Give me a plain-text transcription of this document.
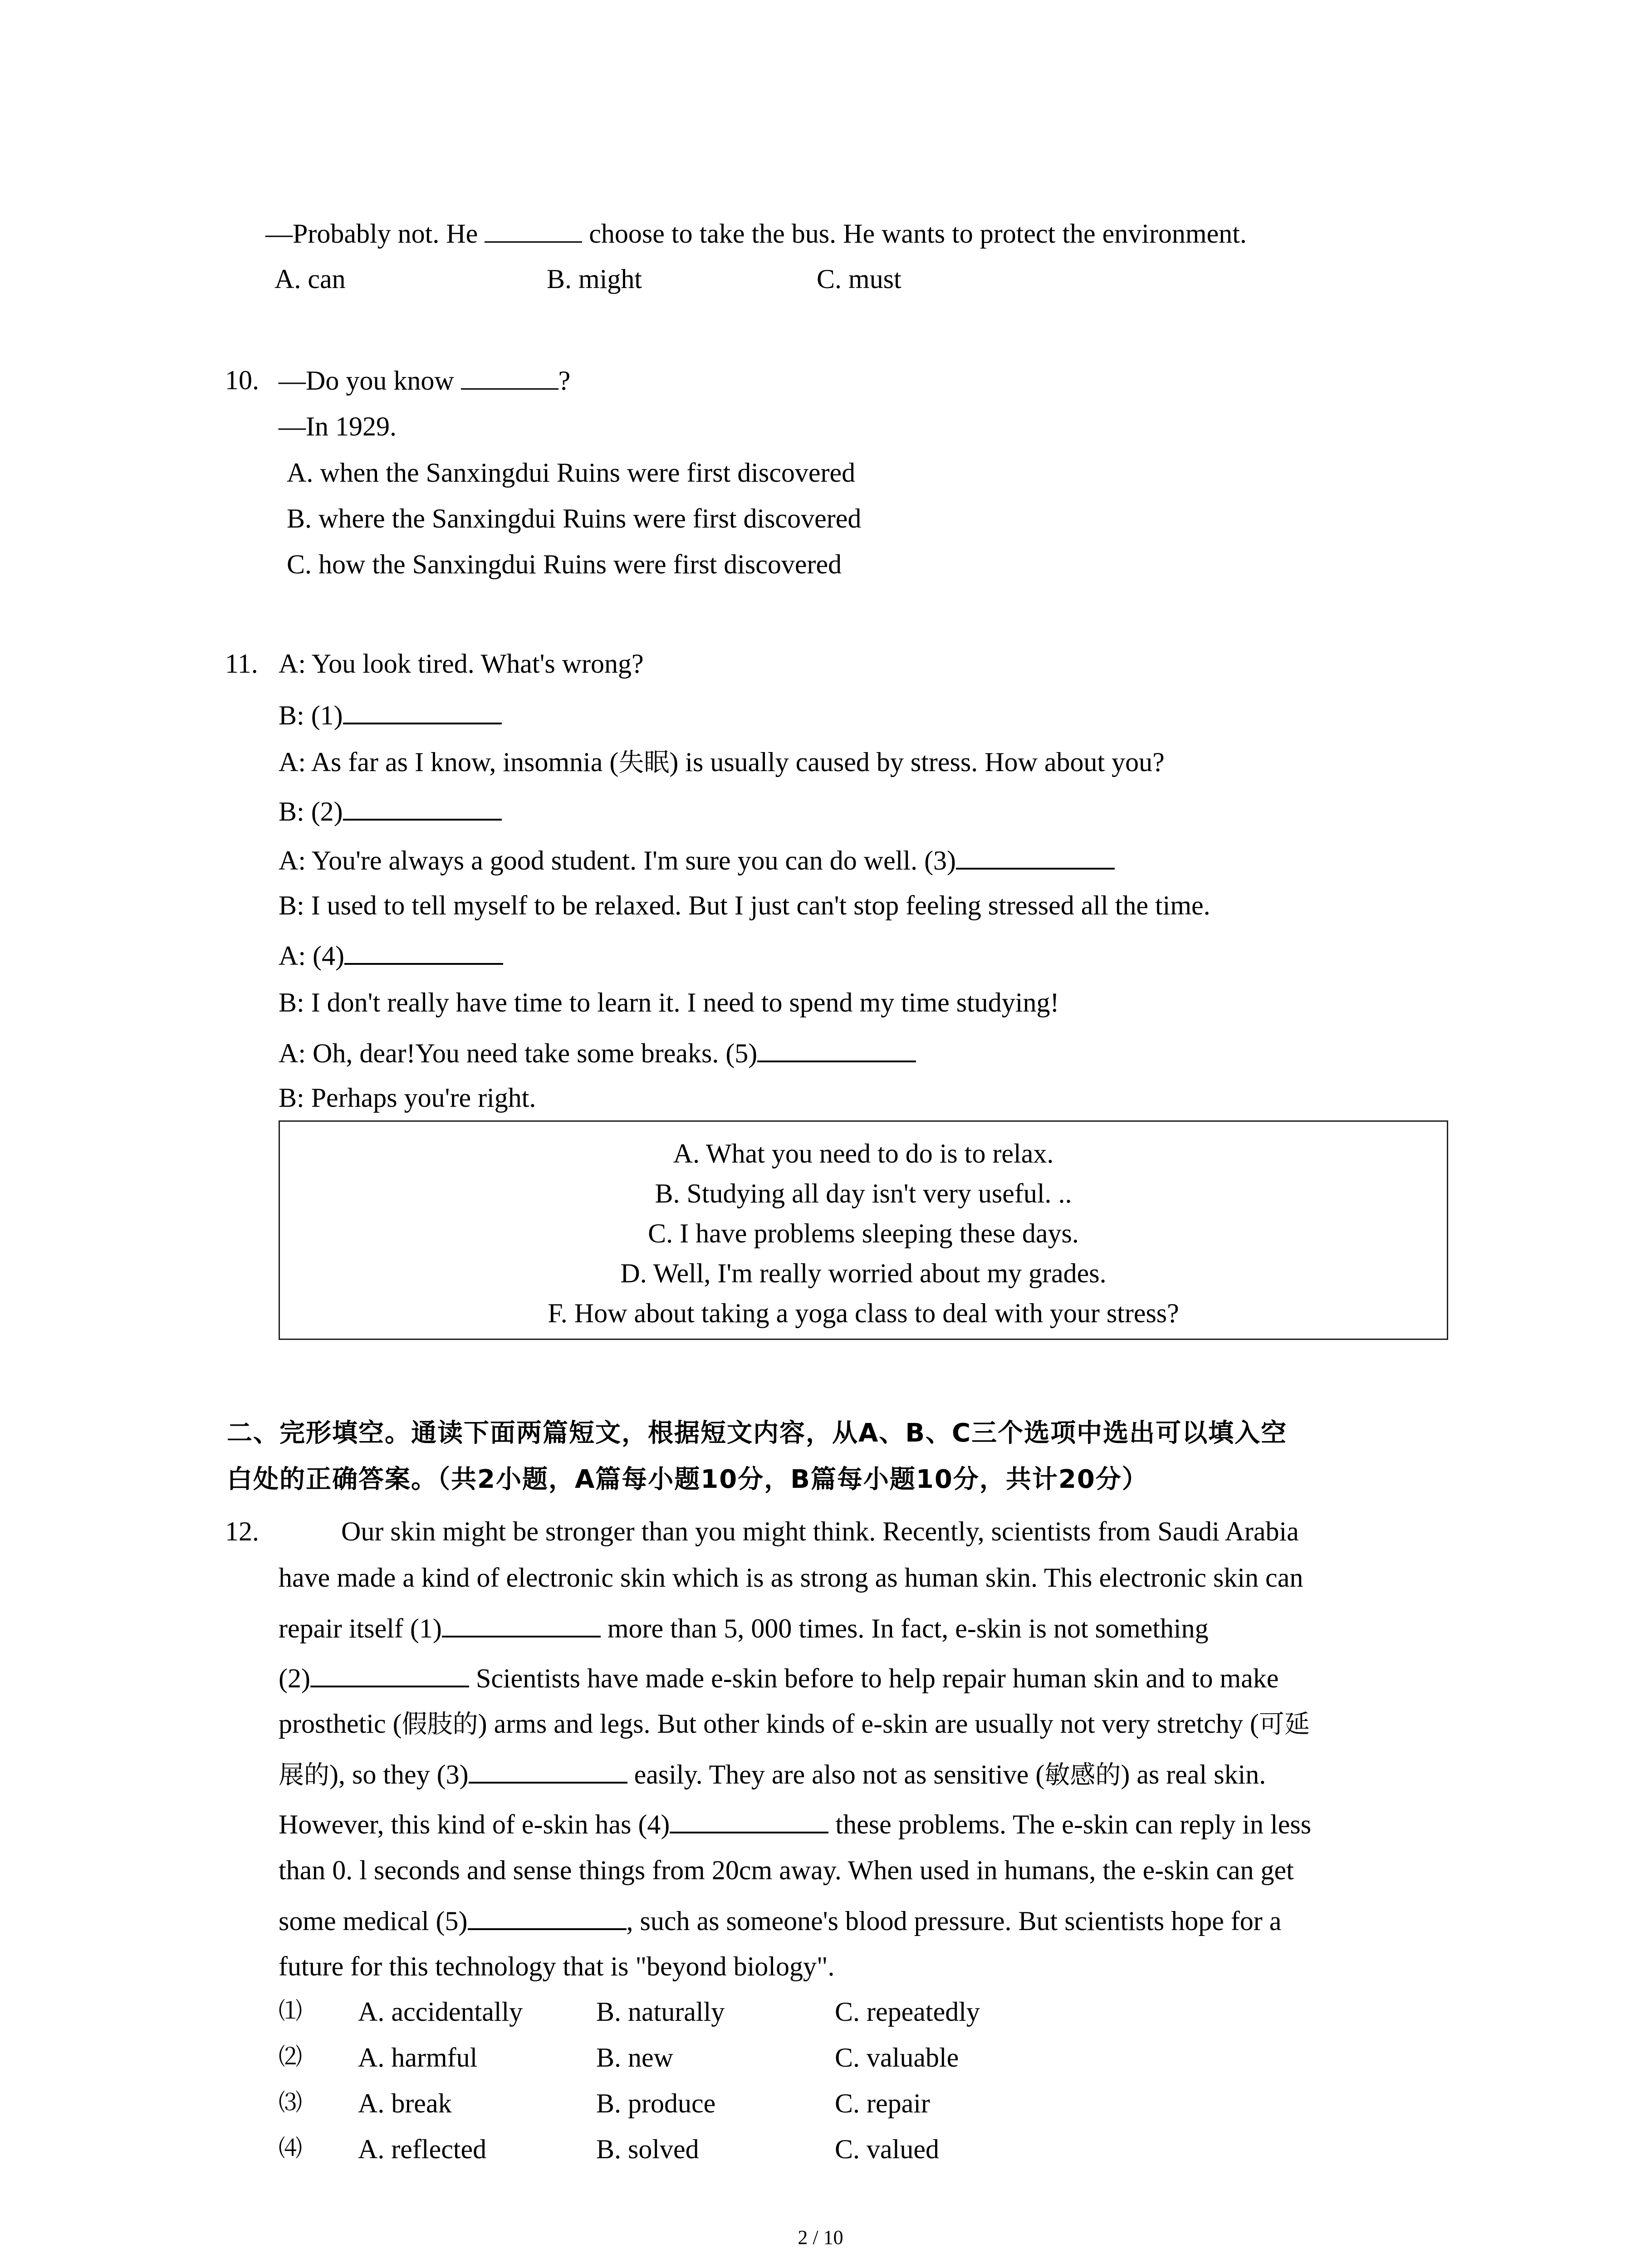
—Probably not. He	choose to take the bus. He wants to protect the environment.
A. can	B. might	C. must
10. —Do you know	?
—In 1929.
A. when the Sanxingdui Ruins were first discovered
B. where the Sanxingdui Ruins were first discovered
C. how the Sanxingdui Ruins were first discovered
11. A: You look tired. What's wrong?
B: (1)
A: As far as I know, insomnia (失眠) is usually caused by stress. How about you?
B: (2)
A: You're always a good student. I'm sure you can do well. (3)
B: I used to tell myself to be relaxed. But I just can't stop feeling stressed all the time.
A: (4)
B: I don't really have time to learn it. I need to spend my time studying!
A: Oh, dear!You need take some breaks. (5)
B: Perhaps you're right.
A. What you need to do is to relax.
B. Studying all day isn't very useful. ..
C. I have problems sleeping these days.
D. Well, I'm really worried about my grades.
F. How about taking a yoga class to deal with your stress?
二、完形填空。通读下面两篇短文，根据短文内容，从A、B、C三个选项中选出可以填入空
白处的正确答案。（共2小题，A篇每小题10分，B篇每小题10分，共计20分）
12.	Our skin might be stronger than you might think. Recently, scientists from Saudi Arabia
have made a kind of electronic skin which is as strong as human skin. This electronic skin can
repair itself (1)	more than 5, 000 times. In fact, e-skin is not something
(2)	Scientists have made e-skin before to help repair human skin and to make
prosthetic (假肢的) arms and legs. But other kinds of e-skin are usually not very stretchy (可延
展的), so they (3)	easily. They are also not as sensitive (敏感的) as real skin.
However, this kind of e-skin has (4)	these problems. The e-skin can reply in less
than 0. l seconds and sense things from 20cm away. When used in humans, the e-skin can get
some medical (5)	, such as someone's blood pressure. But scientists hope for a
future for this technology that is "beyond biology".
⑴ A. accidentally	B. naturally	C. repeatedly
⑵ A. harmful	B. new	C. valuable
⑶ A. break	B. produce	C. repair
⑷ A. reflected	B. solved	C. valued
2 / 10
